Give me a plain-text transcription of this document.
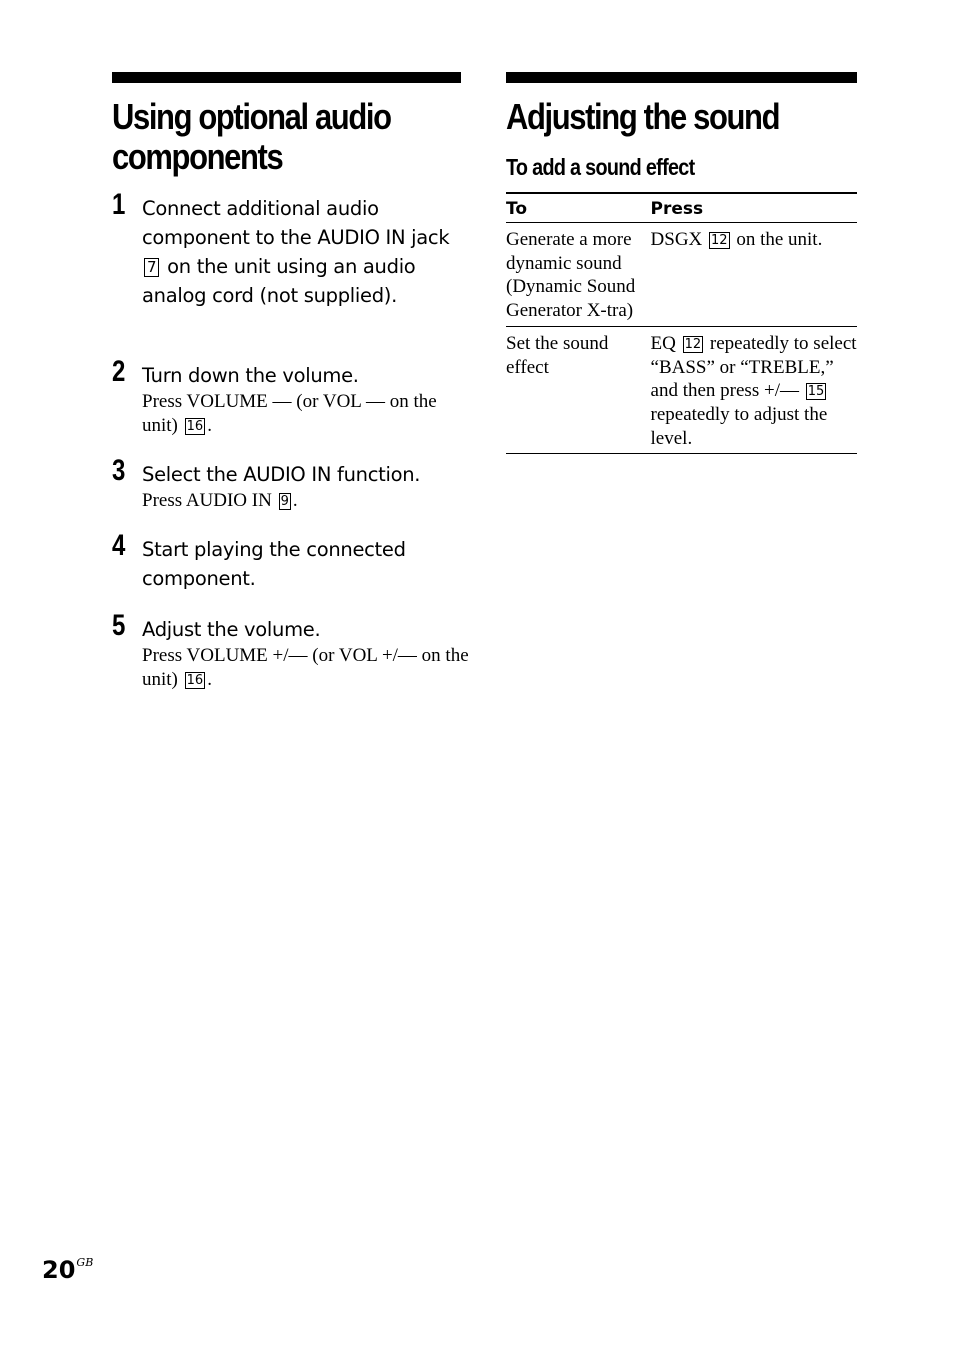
Using optional audio
components
1 Connect additional audio component to the AUDIO IN jack 7 on the unit using an audio analog cord (not supplied).
2 Turn down the volume.
Press VOLUME — (or VOL — on the unit) 16 .
3 Select the AUDIO IN function.
Press AUDIO IN 9 .
4 Start playing the connected component.
5 Adjust the volume.
Press VOLUME +/— (or VOL +/— on the unit) 16 .
Adjusting the sound
To add a sound effect
To	Press
Generate a more dynamic sound (Dynamic Sound Generator X-tra)	DSGX 12 on the unit.
Set the sound effect	EQ 12 repeatedly to select “BASS” or “TREBLE,” and then press +/— 15 repeatedly to adjust the level.
$20^{GB}$
